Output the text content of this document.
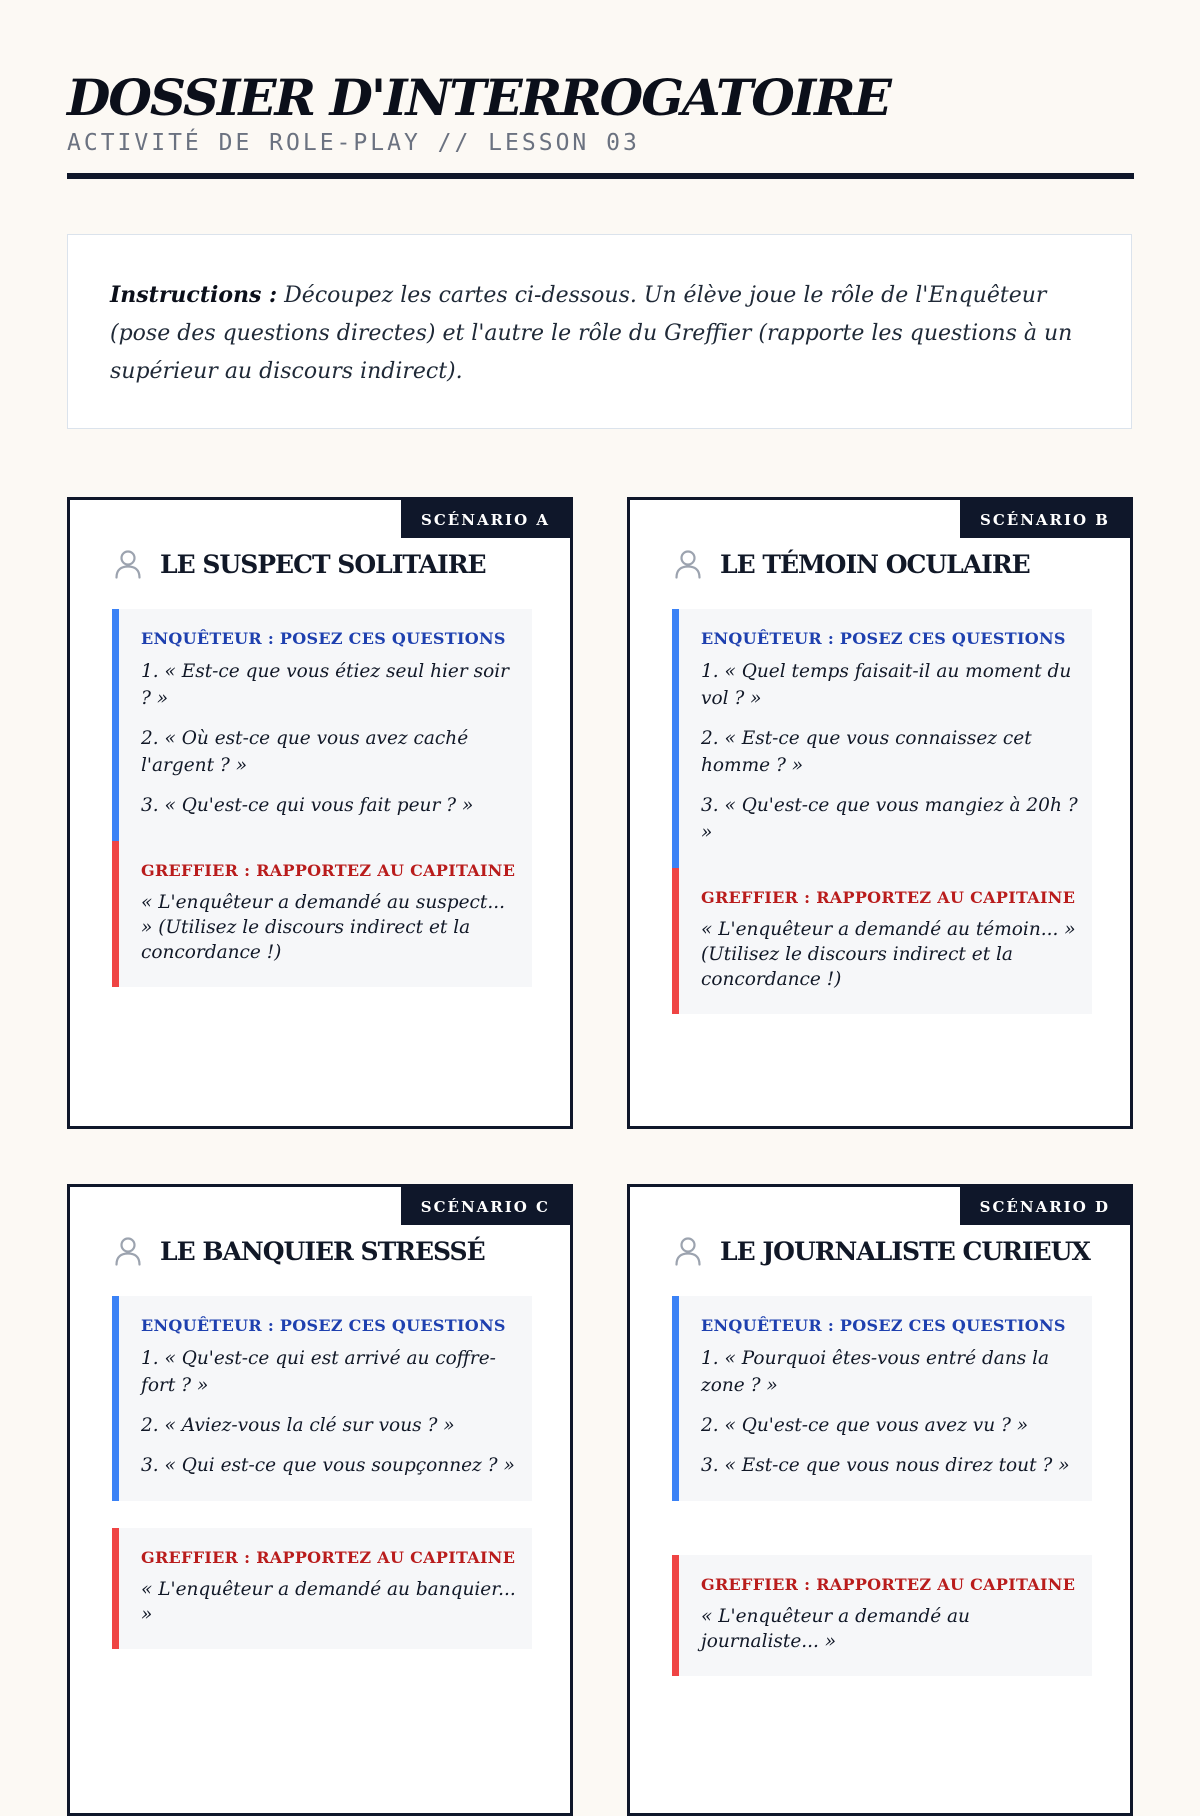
DOSSIER D'INTERROGATOIRE
ACTIVITÉ DE ROLE-PLAY // LESSON 03
Instructions : Découpez les cartes ci-dessous. Un élève joue le rôle de l'Enquêteur (pose des questions directes) et l'autre le rôle du Greffier (rapporte les questions à un supérieur au discours indirect).
SCÉNARIO A
LE SUSPECT SOLITAIRE
ENQUÊTEUR : POSEZ CES QUESTIONS
1. « Est-ce que vous étiez seul hier soir ? »
2. « Où est-ce que vous avez caché l'argent ? »
3. « Qu'est-ce qui vous fait peur ? »
GREFFIER : RAPPORTEZ AU CAPITAINE
« L'enquêteur a demandé au suspect... » (Utilisez le discours indirect et la concordance !)
SCÉNARIO B
LE TÉMOIN OCULAIRE
ENQUÊTEUR : POSEZ CES QUESTIONS
1. « Quel temps faisait-il au moment du vol ? »
2. « Est-ce que vous connaissez cet homme ? »
3. « Qu'est-ce que vous mangiez à 20h ? »
GREFFIER : RAPPORTEZ AU CAPITAINE
« L'enquêteur a demandé au témoin... » (Utilisez le discours indirect et la concordance !)
SCÉNARIO C
LE BANQUIER STRESSÉ
ENQUÊTEUR : POSEZ CES QUESTIONS
1. « Qu'est-ce qui est arrivé au coffre-fort ? »
2. « Aviez-vous la clé sur vous ? »
3. « Qui est-ce que vous soupçonnez ? »
GREFFIER : RAPPORTEZ AU CAPITAINE
« L'enquêteur a demandé au banquier... »
SCÉNARIO D
LE JOURNALISTE CURIEUX
ENQUÊTEUR : POSEZ CES QUESTIONS
1. « Pourquoi êtes-vous entré dans la zone ? »
2. « Qu'est-ce que vous avez vu ? »
3. « Est-ce que vous nous direz tout ? »
GREFFIER : RAPPORTEZ AU CAPITAINE
« L'enquêteur a demandé au journaliste... »
